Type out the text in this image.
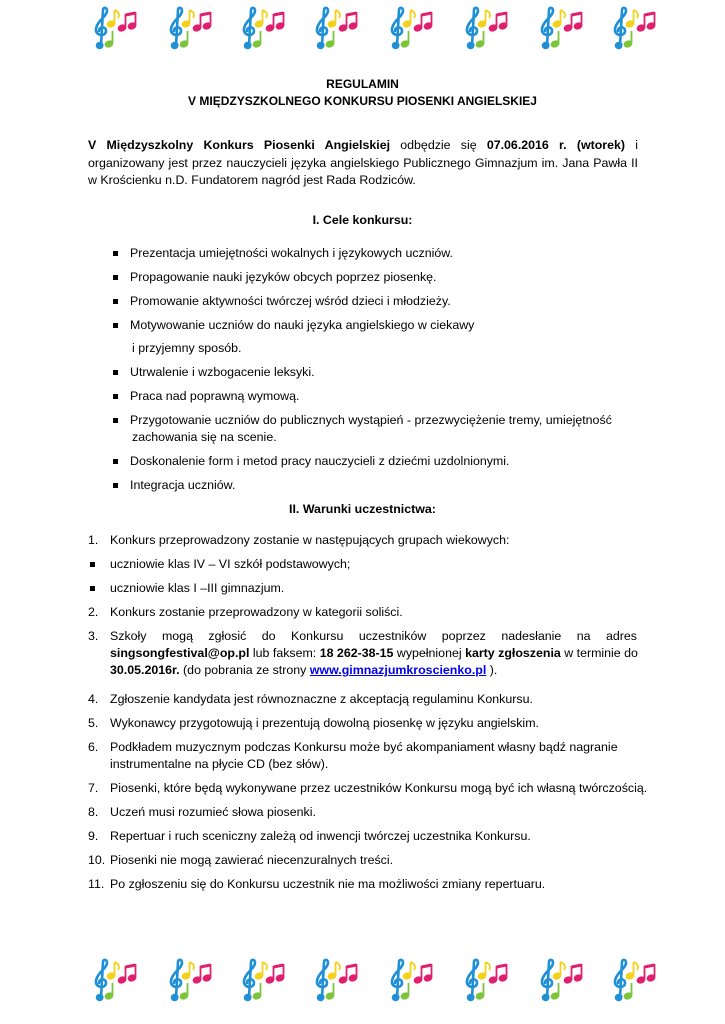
REGULAMIN
V MIĘDZYSZKOLNEGO KONKURSU PIOSENKI ANGIELSKIEJ
V Międzyszkolny Konkurs Piosenki Angielskiej odbędzie się 07.06.2016 r. (wtorek) i organizowany jest przez nauczycieli języka angielskiego Publicznego Gimnazjum im. Jana Pawła II w Krościenku n.D. Fundatorem nagród jest Rada Rodziców.
I. Cele konkursu:
Prezentacja umiejętności wokalnych i językowych uczniów.
Propagowanie nauki języków obcych poprzez piosenkę.
Promowanie aktywności twórczej wśród dzieci i młodzieży.
Motywowanie uczniów do nauki języka angielskiego w ciekawy
i przyjemny sposób.
Utrwalenie i wzbogacenie leksyki.
Praca nad poprawną wymową.
Przygotowanie uczniów do publicznych wystąpień - przezwyciężenie tremy, umiejętność
zachowania się na scenie.
Doskonalenie form i metod pracy nauczycieli z dziećmi uzdolnionymi.
Integracja uczniów.
II. Warunki uczestnictwa:
1. Konkurs przeprowadzony zostanie w następujących grupach wiekowych:
uczniowie klas IV – VI szkół podstawowych;
uczniowie klas I –III gimnazjum.
2. Konkurs zostanie przeprowadzony w kategorii soliści.
3. Szkoły mogą zgłosić do Konkursu uczestników poprzez nadesłanie na adres
singsongfestival@op.pl lub faksem: 18 262-38-15 wypełnionej karty zgłoszenia w terminie do
30.05.2016r. (do pobrania ze strony www.gimnazjumkroscienko.pl ).
4. Zgłoszenie kandydata jest równoznaczne z akceptacją regulaminu Konkursu.
5. Wykonawcy przygotowują i prezentują dowolną piosenkę w języku angielskim.
6. Podkładem muzycznym podczas Konkursu może być akompaniament własny bądź nagranie
instrumentalne na płycie CD (bez słów).
7. Piosenki, które będą wykonywane przez uczestników Konkursu mogą być ich własną twórczością.
8. Uczeń musi rozumieć słowa piosenki.
9. Repertuar i ruch sceniczny zależą od inwencji twórczej uczestnika Konkursu.
10. Piosenki nie mogą zawierać niecenzuralnych treści.
11. Po zgłoszeniu się do Konkursu uczestnik nie ma możliwości zmiany repertuaru.
